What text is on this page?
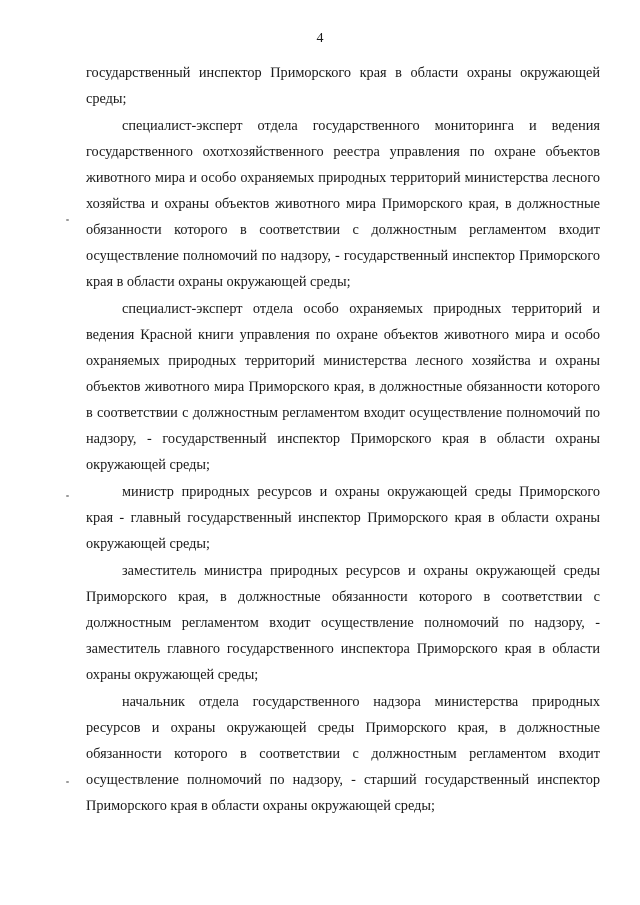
4

государственный инспектор Приморского края в области охраны окружающей среды;

специалист-эксперт отдела государственного мониторинга и ведения государственного охотхозяйственного реестра управления по охране объектов животного мира и особо охраняемых природных территорий министерства лесного хозяйства и охраны объектов животного мира Приморского края, в должностные обязанности которого в соответствии с должностным регламентом входит осуществление полномочий по надзору, - государственный инспектор Приморского края в области охраны окружающей среды;

специалист-эксперт отдела особо охраняемых природных территорий и ведения Красной книги управления по охране объектов животного мира и особо охраняемых природных территорий министерства лесного хозяйства и охраны объектов животного мира Приморского края, в должностные обязанности которого в соответствии с должностным регламентом входит осуществление полномочий по надзору, - государственный инспектор Приморского края в области охраны окружающей среды;

министр природных ресурсов и охраны окружающей среды Приморского края - главный государственный инспектор Приморского края в области охраны окружающей среды;

заместитель министра природных ресурсов и охраны окружающей среды Приморского края, в должностные обязанности которого в соответствии с должностным регламентом входит осуществление полномочий по надзору, - заместитель главного государственного инспектора Приморского края в области охраны окружающей среды;

начальник отдела государственного надзора министерства природных ресурсов и охраны окружающей среды Приморского края, в должностные обязанности которого в соответствии с должностным регламентом входит осуществление полномочий по надзору, - старший государственный инспектор Приморского края в области охраны окружающей среды;
